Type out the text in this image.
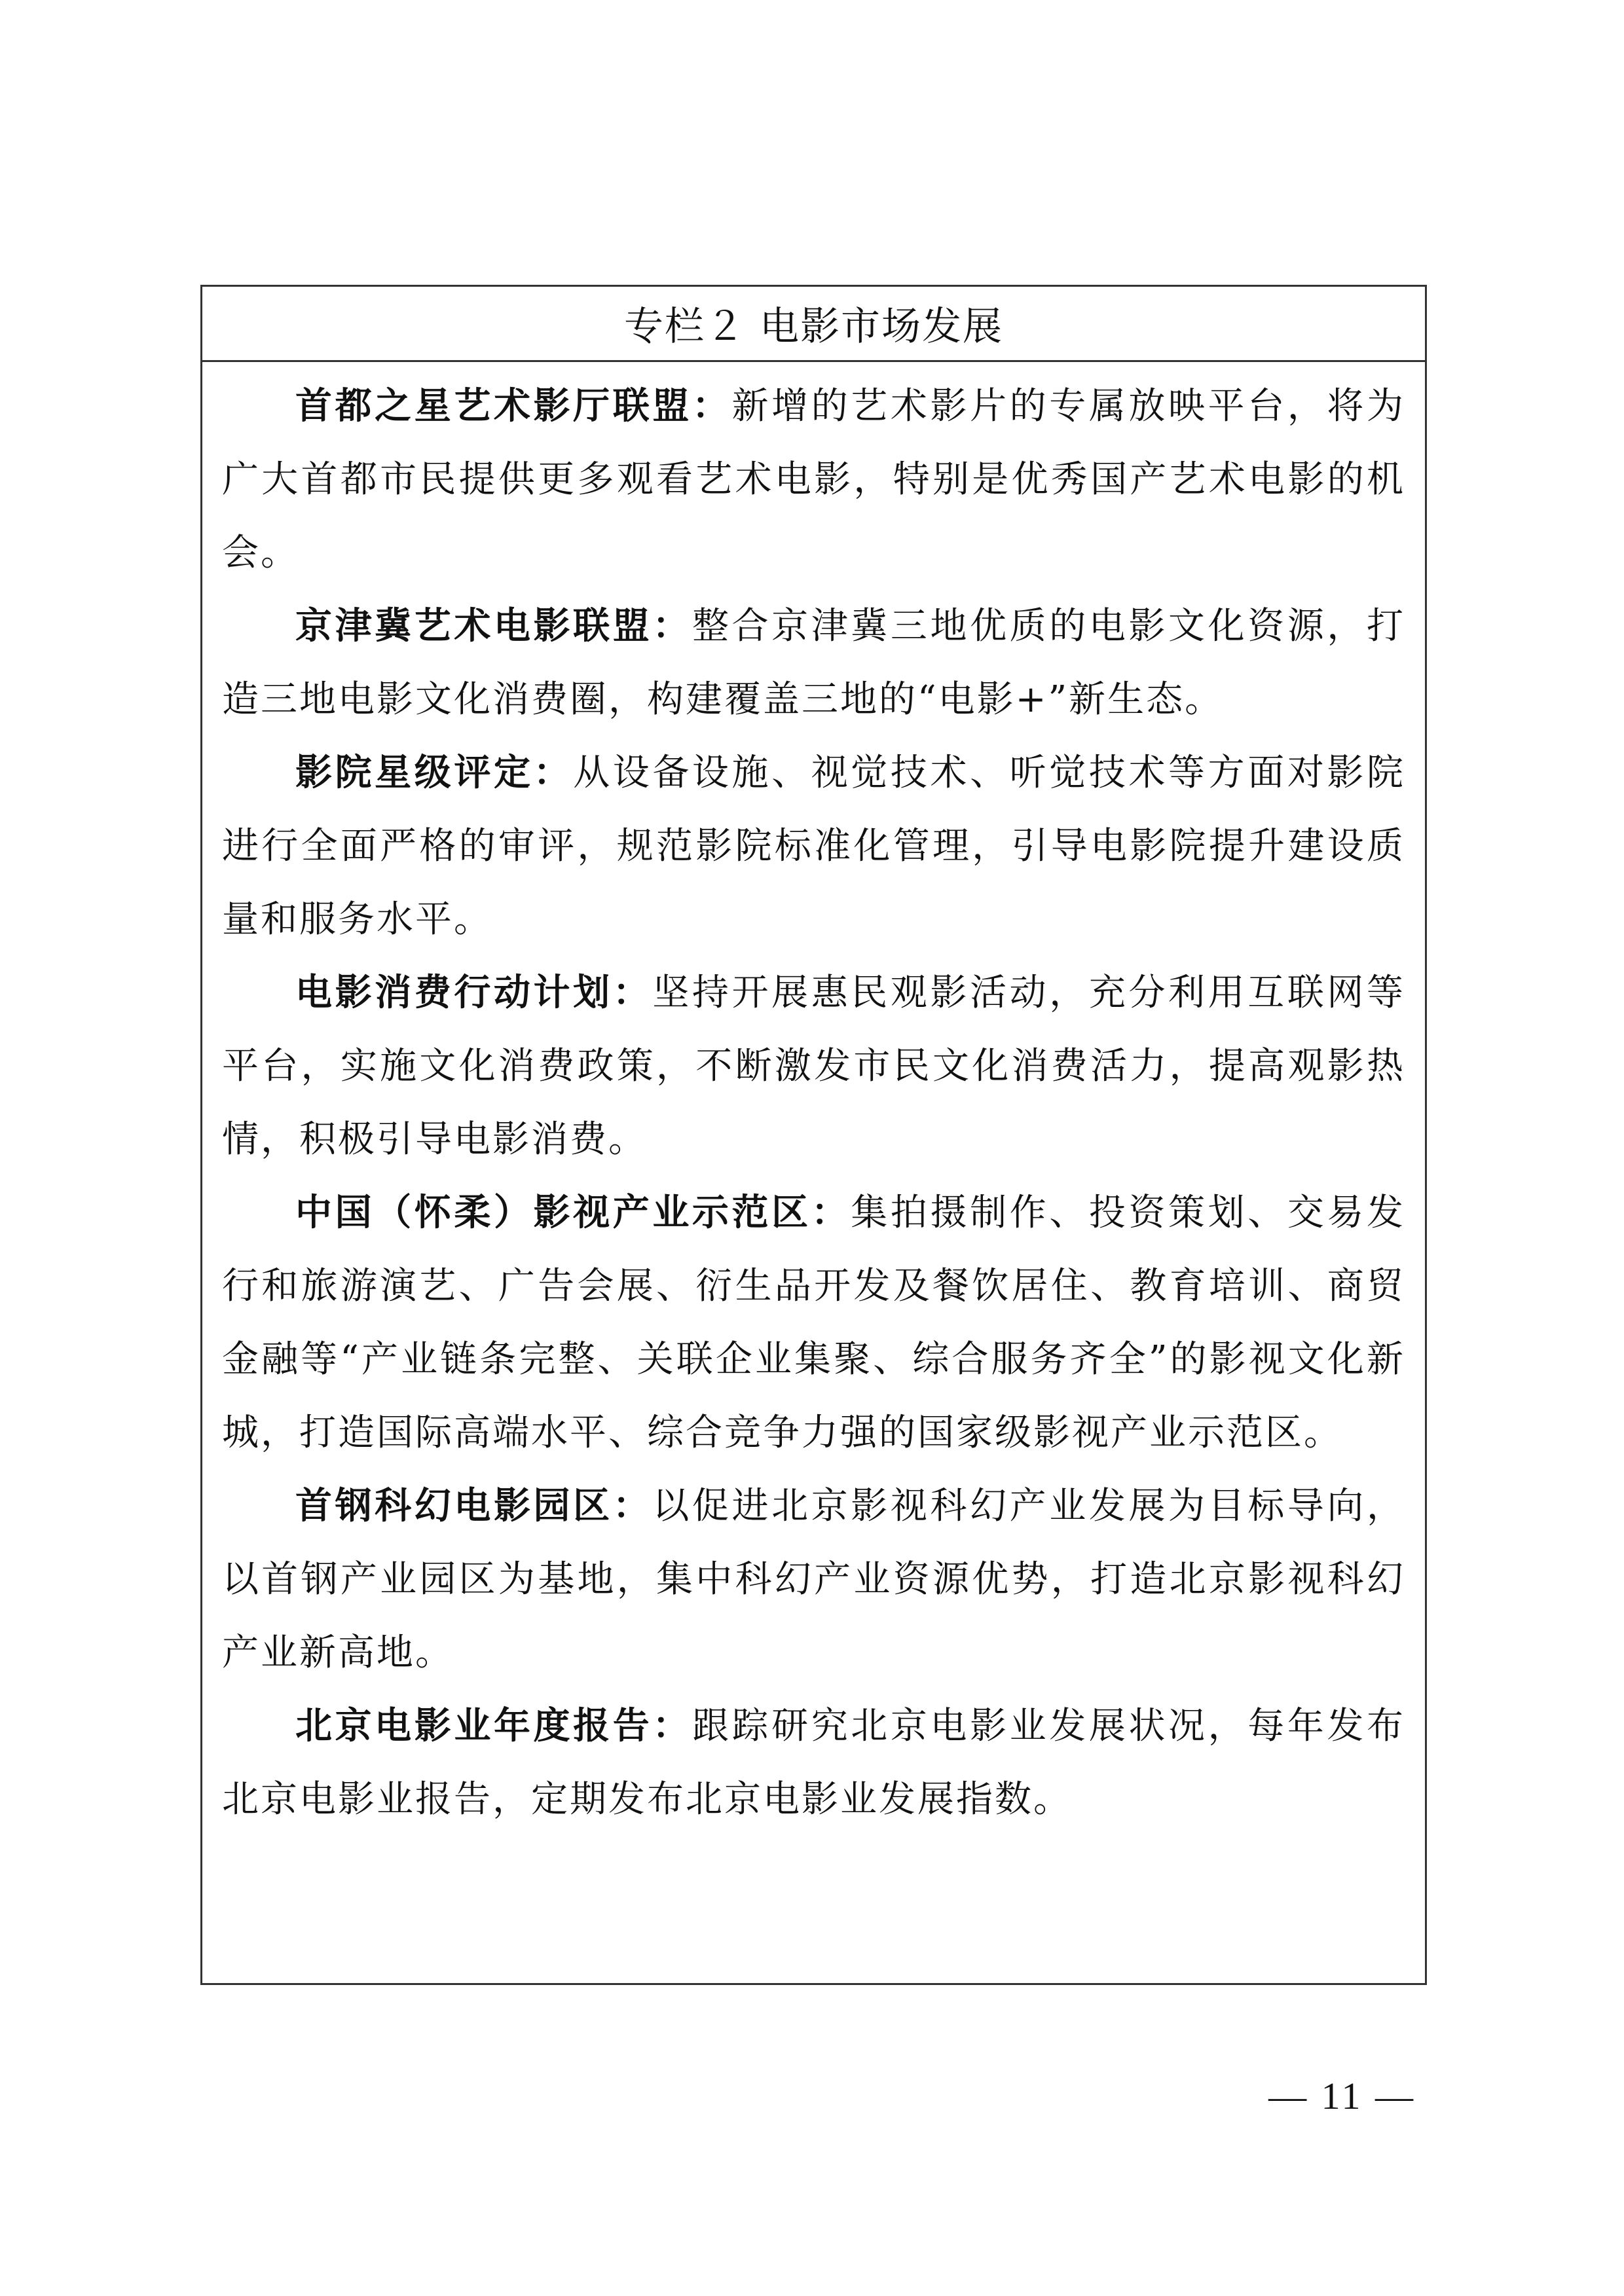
专栏２ 电影市场发展

首都之星艺术影厅联盟：新增的艺术影片的专属放映平台，将为广大首都市民提供更多观看艺术电影，特别是优秀国产艺术电影的机会。

京津冀艺术电影联盟：整合京津冀三地优质的电影文化资源，打造三地电影文化消费圈，构建覆盖三地的“电影+”新生态。

影院星级评定：从设备设施、视觉技术、听觉技术等方面对影院进行全面严格的审评，规范影院标准化管理，引导电影院提升建设质量和服务水平。

电影消费行动计划：坚持开展惠民观影活动，充分利用互联网等平台，实施文化消费政策，不断激发市民文化消费活力，提高观影热情，积极引导电影消费。

中国（怀柔）影视产业示范区：集拍摄制作、投资策划、交易发行和旅游演艺、广告会展、衍生品开发及餐饮居住、教育培训、商贸金融等“产业链条完整、关联企业集聚、综合服务齐全”的影视文化新城，打造国际高端水平、综合竞争力强的国家级影视产业示范区。

首钢科幻电影园区：以促进北京影视科幻产业发展为目标导向，以首钢产业园区为基地，集中科幻产业资源优势，打造北京影视科幻产业新高地。

北京电影业年度报告：跟踪研究北京电影业发展状况，每年发布北京电影业报告，定期发布北京电影业发展指数。

— 11 —
